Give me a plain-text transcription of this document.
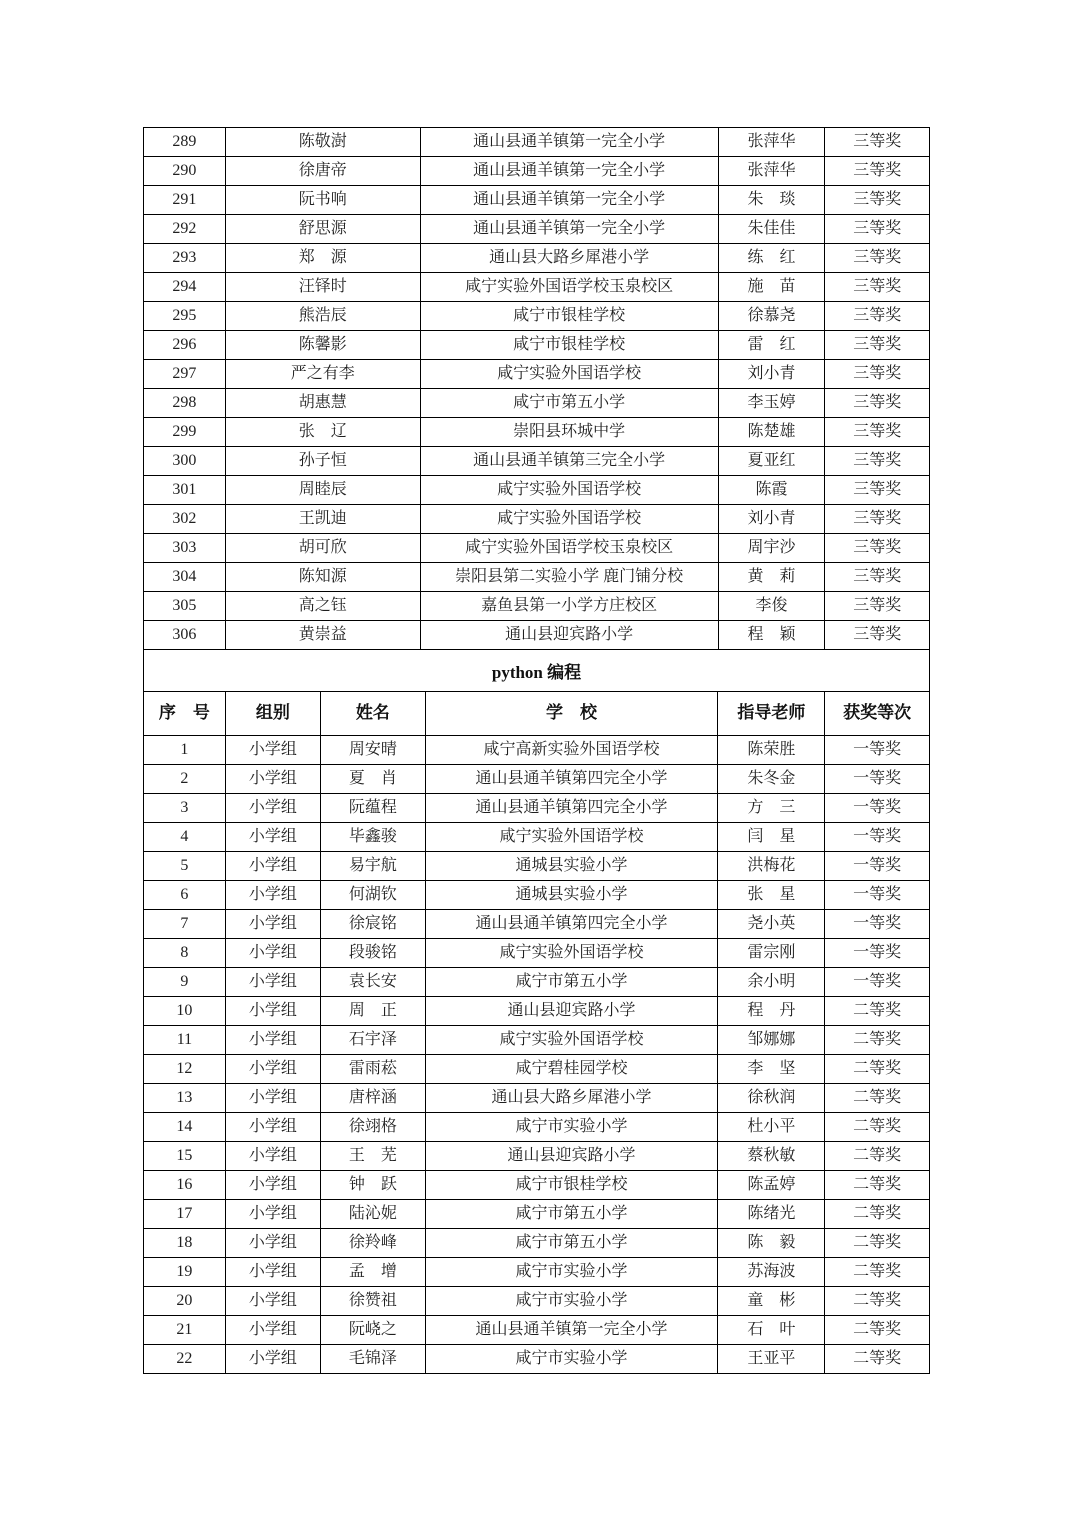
289	陈敬澍	通山县通羊镇第一完全小学	张萍华	三等奖
290	徐唐帝	通山县通羊镇第一完全小学	张萍华	三等奖
291	阮书响	通山县通羊镇第一完全小学	朱　琰	三等奖
292	舒思源	通山县通羊镇第一完全小学	朱佳佳	三等奖
293	郑　源	通山县大路乡犀港小学	练　红	三等奖
294	汪铎时	咸宁实验外国语学校玉泉校区	施　苗	三等奖
295	熊浩辰	咸宁市银桂学校	徐慕尧	三等奖
296	陈馨影	咸宁市银桂学校	雷　红	三等奖
297	严之有李	咸宁实验外国语学校	刘小青	三等奖
298	胡惠慧	咸宁市第五小学	李玉婷	三等奖
299	张　辽	崇阳县环城中学	陈楚雄	三等奖
300	孙子恒	通山县通羊镇第三完全小学	夏亚红	三等奖
301	周睦辰	咸宁实验外国语学校	陈霞	三等奖
302	王凯迪	咸宁实验外国语学校	刘小青	三等奖
303	胡可欣	咸宁实验外国语学校玉泉校区	周宇沙	三等奖
304	陈知源	崇阳县第二实验小学 鹿门铺分校	黄　莉	三等奖
305	高之钰	嘉鱼县第一小学方庄校区	李俊	三等奖
306	黄崇益	通山县迎宾路小学	程　颖	三等奖
python 编程
序　号	组别	姓名	学　校	指导老师	获奖等次
1	小学组	周安晴	咸宁高新实验外国语学校	陈荣胜	一等奖
2	小学组	夏　肖	通山县通羊镇第四完全小学	朱冬金	一等奖
3	小学组	阮蕴程	通山县通羊镇第四完全小学	方　三	一等奖
4	小学组	毕鑫骏	咸宁实验外国语学校	闫　星	一等奖
5	小学组	易宇航	通城县实验小学	洪梅花	一等奖
6	小学组	何湖钦	通城县实验小学	张　星	一等奖
7	小学组	徐宸铭	通山县通羊镇第四完全小学	尧小英	一等奖
8	小学组	段骏铭	咸宁实验外国语学校	雷宗刚	一等奖
9	小学组	袁长安	咸宁市第五小学	余小明	一等奖
10	小学组	周　正	通山县迎宾路小学	程　丹	二等奖
11	小学组	石宇泽	咸宁实验外国语学校	邹娜娜	二等奖
12	小学组	雷雨菘	咸宁碧桂园学校	李　坚	二等奖
13	小学组	唐梓涵	通山县大路乡犀港小学	徐秋润	二等奖
14	小学组	徐翊格	咸宁市实验小学	杜小平	二等奖
15	小学组	王　芜	通山县迎宾路小学	蔡秋敏	二等奖
16	小学组	钟　跃	咸宁市银桂学校	陈孟婷	二等奖
17	小学组	陆沁妮	咸宁市第五小学	陈绪光	二等奖
18	小学组	徐羚峰	咸宁市第五小学	陈　毅	二等奖
19	小学组	孟　增	咸宁市实验小学	苏海波	二等奖
20	小学组	徐赞祖	咸宁市实验小学	童　彬	二等奖
21	小学组	阮峣之	通山县通羊镇第一完全小学	石　叶	二等奖
22	小学组	毛锦泽	咸宁市实验小学	王亚平	二等奖
